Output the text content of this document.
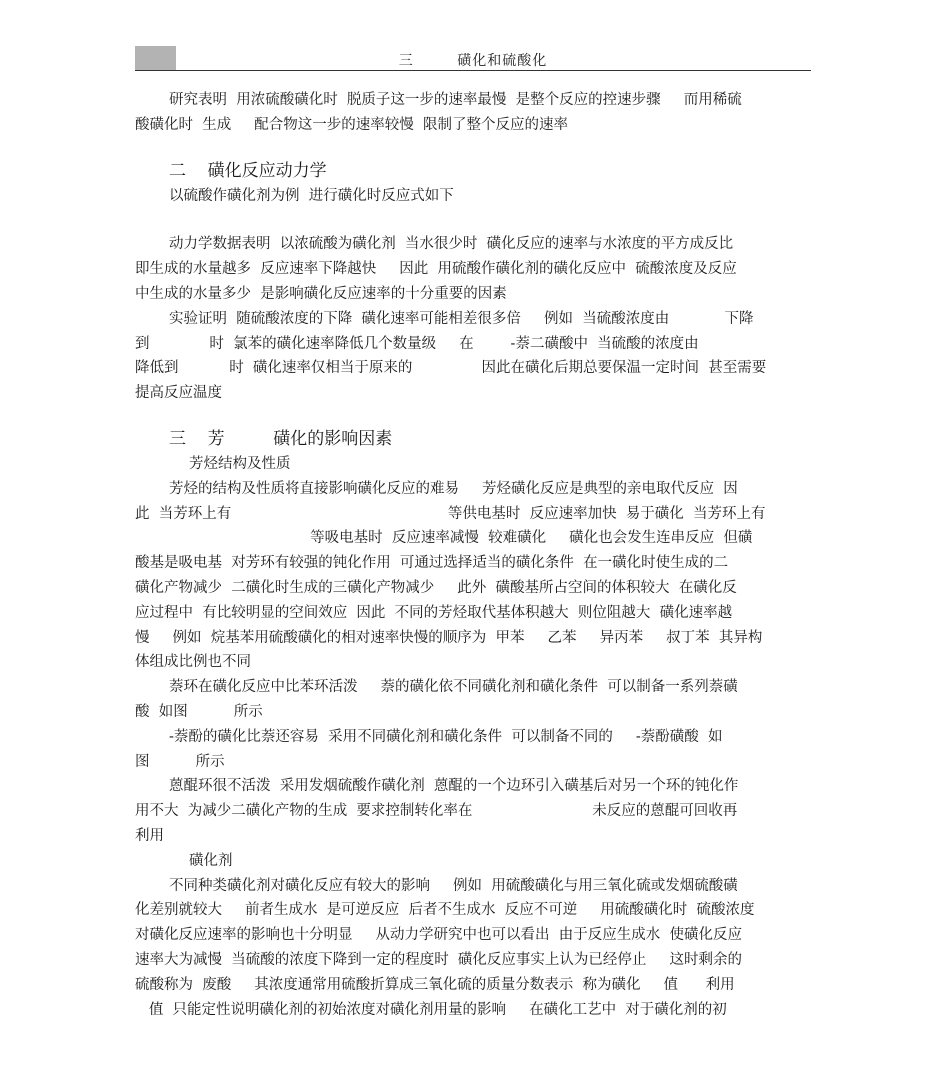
三        磺化和硫酸化

研究表明  用浓硫酸磺化时  脱质子这一步的速率最慢  是整个反应的控速步骤     而用稀硫

酸磺化时  生成     配合物这一步的速率较慢  限制了整个反应的速率

二    磺化反应动力学

以硫酸作磺化剂为例  进行磺化时反应式如下

动力学数据表明  以浓硫酸为磺化剂  当水很少时  磺化反应的速率与水浓度的平方成反比

即生成的水量越多  反应速率下降越快     因此  用硫酸作磺化剂的磺化反应中  硫酸浓度及反应

中生成的水量多少  是影响磺化反应速率的十分重要的因素

实验证明  随硫酸浓度的下降  磺化速率可能相差很多倍     例如  当硫酸浓度由            下降

到             时  氯苯的磺化速率降低几个数量级     在        -萘二磺酸中  当硫酸的浓度由

降低到           时  磺化速率仅相当于原来的               因此在磺化后期总要保温一定时间  甚至需要

提高反应温度

三    芳         磺化的影响因素

芳烃结构及性质

芳烃的结构及性质将直接影响磺化反应的难易     芳烃磺化反应是典型的亲电取代反应  因

此  当芳环上有                                               等供电基时  反应速率加快  易于磺化  当芳环上有

等吸电基时  反应速率减慢  较难磺化     磺化也会发生连串反应  但磺

酸基是吸电基  对芳环有较强的钝化作用  可通过选择适当的磺化条件  在一磺化时使生成的二

磺化产物减少  二磺化时生成的三磺化产物减少     此外  磺酸基所占空间的体积较大  在磺化反

应过程中  有比较明显的空间效应  因此  不同的芳烃取代基体积越大  则位阻越大  磺化速率越

慢     例如  烷基苯用硫酸磺化的相对速率快慢的顺序为  甲苯     乙苯     异丙苯     叔丁苯  其异构

体组成比例也不同

萘环在磺化反应中比苯环活泼     萘的磺化依不同磺化剂和磺化条件  可以制备一系列萘磺

酸  如图          所示

-萘酚的磺化比萘还容易  采用不同磺化剂和磺化条件  可以制备不同的     -萘酚磺酸  如

图          所示

蒽醌环很不活泼  采用发烟硫酸作磺化剂  蒽醌的一个边环引入磺基后对另一个环的钝化作

用不大  为减少二磺化产物的生成  要求控制转化率在                          未反应的蒽醌可回收再

利用

磺化剂

不同种类磺化剂对磺化反应有较大的影响     例如  用硫酸磺化与用三氧化硫或发烟硫酸磺

化差别就较大     前者生成水  是可逆反应  后者不生成水  反应不可逆     用硫酸磺化时  硫酸浓度

对磺化反应速率的影响也十分明显     从动力学研究中也可以看出  由于反应生成水  使磺化反应

速率大为减慢  当硫酸的浓度下降到一定的程度时  磺化反应事实上认为已经停止     这时剩余的

硫酸称为  废酸     其浓度通常用硫酸折算成三氧化硫的质量分数表示  称为磺化     值      利用

值  只能定性说明磺化剂的初始浓度对磺化剂用量的影响     在磺化工艺中  对于磺化剂的初
